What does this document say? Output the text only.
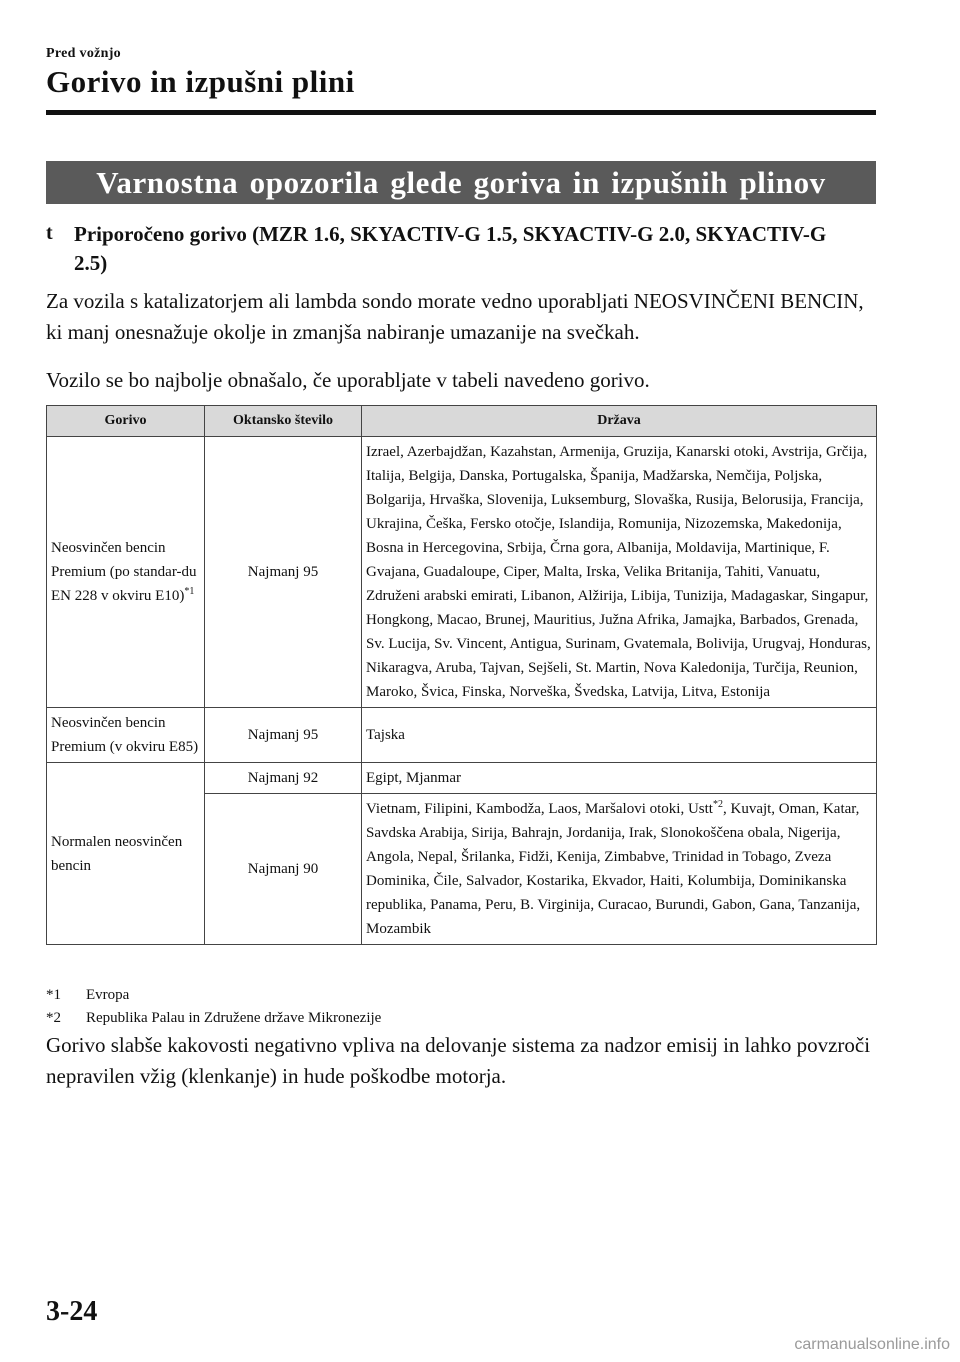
Pred vožnjo
Gorivo in izpušni plini
Varnostna opozorila glede goriva in izpušnih plinov
t Priporočeno gorivo (MZR 1.6, SKYACTIV-G 1.5, SKYACTIV-G 2.0, SKYACTIV-G 2.5)
Za vozila s katalizatorjem ali lambda sondo morate vedno uporabljati NEOSVINČENI BENCIN, ki manj onesnažuje okolje in zmanjša nabiranje umazanije na svečkah.
Vozilo se bo najbolje obnašalo, če uporabljate v tabeli navedeno gorivo.
Gorivo	Oktansko število	Država
Neosvinčen bencin Premium (po standar-du EN 228 v okviru E10)$^{*1}$	Najmanj 95	Izrael, Azerbajdžan, Kazahstan, Armenija, Gruzija, Kanarski otoki, Avstrija, Grčija, Italija, Belgija, Danska, Portugalska, Španija, Madžarska, Nemčija, Poljska, Bolgarija, Hrvaška, Slovenija, Luksemburg, Slovaška, Rusija, Belorusija, Francija, Ukrajina, Češka, Fersko otočje, Islandija, Romunija, Nizozemska, Makedonija, Bosna in Hercegovina, Srbija, Črna gora, Albanija, Moldavija, Martinique, F. Gvajana, Guadaloupe, Ciper, Malta, Irska, Velika Britanija, Tahiti, Vanuatu, Združeni arabski emirati, Libanon, Alžirija, Libija, Tunizija, Madagaskar, Singapur, Hongkong, Macao, Brunej, Mauritius, Južna Afrika, Jamajka, Barbados, Grenada, Sv. Lucija, Sv. Vincent, Antigua, Surinam, Gvatemala, Bolivija, Urugvaj, Honduras, Nikaragva, Aruba, Tajvan, Sejšeli, St. Martin, Nova Kaledonija, Turčija, Reunion, Maroko, Švica, Finska, Norveška, Švedska, Latvija, Litva, Estonija
Neosvinčen bencin Premium (v okviru E85)	Najmanj 95	Tajska
Normalen neosvinčen bencin	Najmanj 92	Egipt, Mjanmar
	Najmanj 90	Vietnam, Filipini, Kambodža, Laos, Maršalovi otoki, Ustt$^{*2}$, Kuvajt, Oman, Katar, Savdska Arabija, Sirija, Bahrajn, Jordanija, Irak, Slonokoščena obala, Nigerija, Angola, Nepal, Šrilanka, Fidži, Kenija, Zimbabve, Trinidad in Tobago, Zveza Dominika, Čile, Salvador, Kostarika, Ekvador, Haiti, Kolumbija, Dominikanska republika, Panama, Peru, B. Virginija, Curacao, Burundi, Gabon, Gana, Tanzanija, Mozambik
*1 Evropa
*2 Republika Palau in Združene države Mikronezije
Gorivo slabše kakovosti negativno vpliva na delovanje sistema za nadzor emisij in lahko povzroči nepravilen vžig (klenkanje) in hude poškodbe motorja.
3-24
carmanualsonline.info
